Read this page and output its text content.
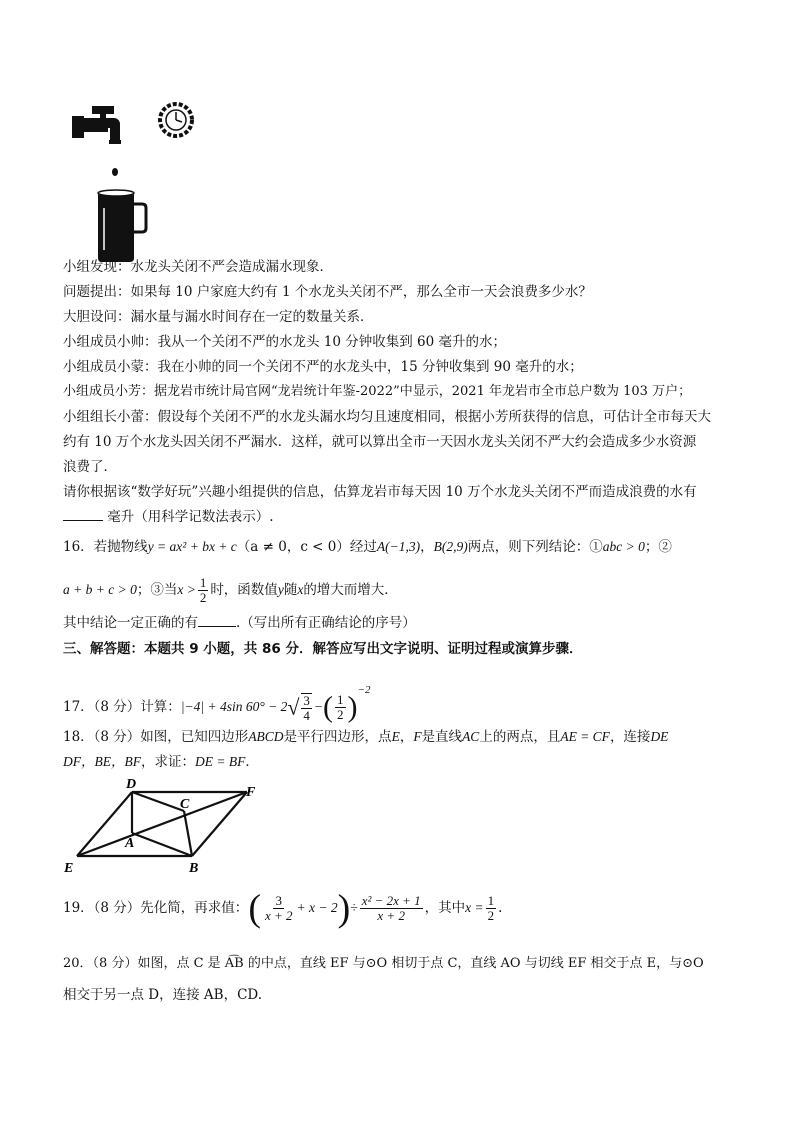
小组发现：水龙头关闭不严会造成漏水现象．
问题提出：如果每 10 户家庭大约有 1 个水龙头关闭不严，那么全市一天会浪费多少水？
大胆设问：漏水量与漏水时间存在一定的数量关系．
小组成员小帅：我从一个关闭不严的水龙头 10 分钟收集到 60 毫升的水；
小组成员小蒙：我在小帅的同一个关闭不严的水龙头中，15 分钟收集到 90 毫升的水；
小组成员小芳：据龙岩市统计局官网“龙岩统计年鉴-2022”中显示，2021 年龙岩市全市总户数为 103 万户；
小组组长小蕾：假设每个关闭不严的水龙头漏水均匀且速度相同，根据小芳所获得的信息，可估计全市每天大
约有 10 万个水龙头因关闭不严漏水．这样，就可以算出全市一天因水龙头关闭不严大约会造成多少水资源
浪费了．
请你根据该“数学好玩”兴趣小组提供的信息，估算龙岩市每天因 10 万个水龙头关闭不严而造成浪费的水有
毫升（用科学记数法表示）.
16．若抛物线y = ax² + bx + c（a ≠ 0，c < 0）经过A(−1,3)，B(2,9)两点，则下列结论：①abc > 0；②
a + b + c > 0；③当$x > \frac{1}{2}$ 时，函数值y随x的增大而增大．
其中结论一定正确的有	.（写出所有正确结论的序号）
三、解答题：本题共 9 小题，共 86 分．解答应写出文字说明、证明过程或演算步骤．
17．（8 分）计算：|−4| + 4sin $60^\circ - 2√ \frac{3}{4}$ −( $\frac{1}{2} )^{-2}$
18．（8 分）如图，已知四边形ABCD是平行四边形，点E，F是直线AC上的两点，且AE = CF，连接DE
DF，BE，BF，求证：DE = BF．
D
C
F
A
E	B
19．（8 分）先化简，再求值：( $\frac{3}{x + 2} + x - 2)\div \frac{\text{x² − 2x + 1}}{x + 2}$ ，其中$x = \frac{1}{2}$ .
20．（8 分）如图，点 C 是 A͡B 的中点，直线 EF 与⊙O 相切于点 C，直线 AO 与切线 EF 相交于点 E，与⊙O
相交于另一点 D，连接 AB，CD.
